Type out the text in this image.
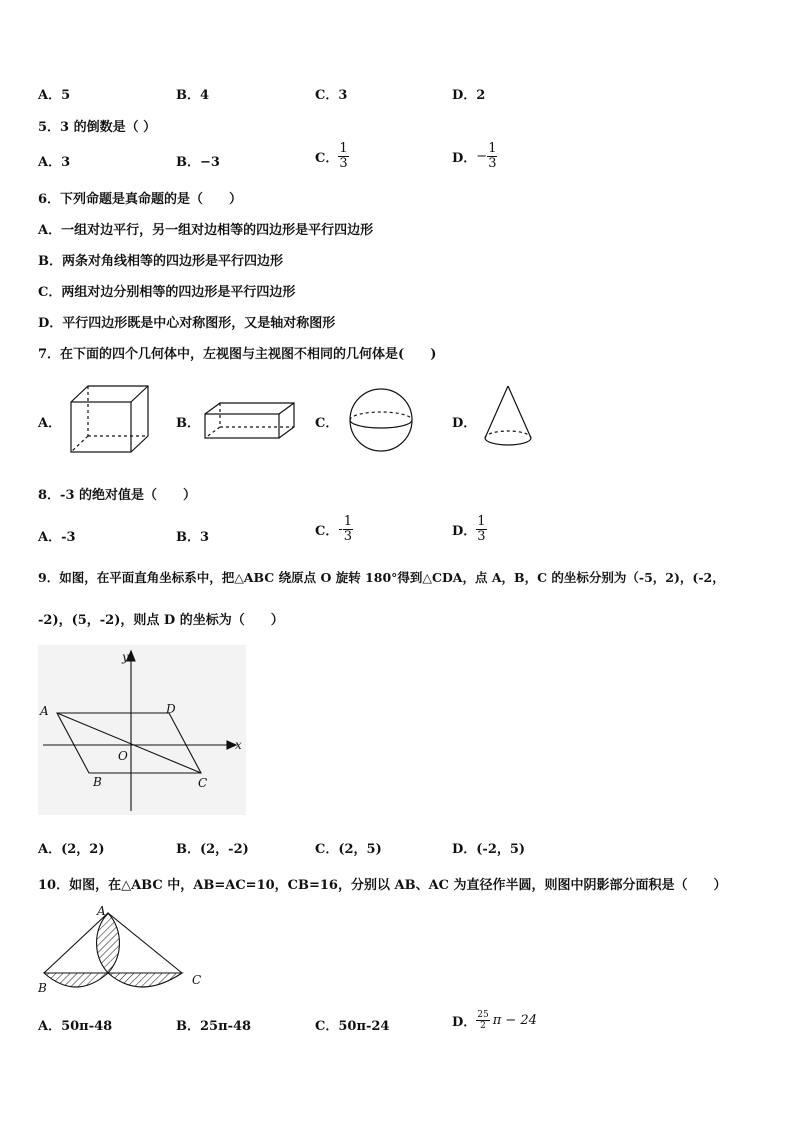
A．5	B．4	C．3	D．2
5．3 的倒数是（ ）
A．3	B．−3	C． $\frac{1}{3}$	D． − $\frac{1}{3}$
6．下列命题是真命题的是（　　）
A．一组对边平行，另一组对边相等的四边形是平行四边形
B．两条对角线相等的四边形是平行四边形
C．两组对边分别相等的四边形是平行四边形
D．平行四边形既是中心对称图形，又是轴对称图形
7．在下面的四个几何体中，左视图与主视图不相同的几何体是(　　)
A．	B．	C．	D．
8．-3 的绝对值是（　　）
A．-3	B．3	C． - $\frac{1}{3}$	D． $\frac{1}{3}$
9．如图，在平面直角坐标系中，把△ABC 绕原点 O 旋转 180°得到△CDA，点 A，B，C 的坐标分别为（-5，2)，(-2，
-2)，(5，-2)，则点 D 的坐标为（　　）
y
x
A	D
O
B	C
A．(2，2)	B．(2，-2)	C．(2，5)	D．(-2，5)
10．如图，在△ABC 中，AB=AC=10，CB=16，分别以 AB、AC 为直径作半圆，则图中阴影部分面积是（　　）
A
B
C
A．50π-48	B．25π-48	C．50π-24	D． $\frac{25}{2}$ π − 24
